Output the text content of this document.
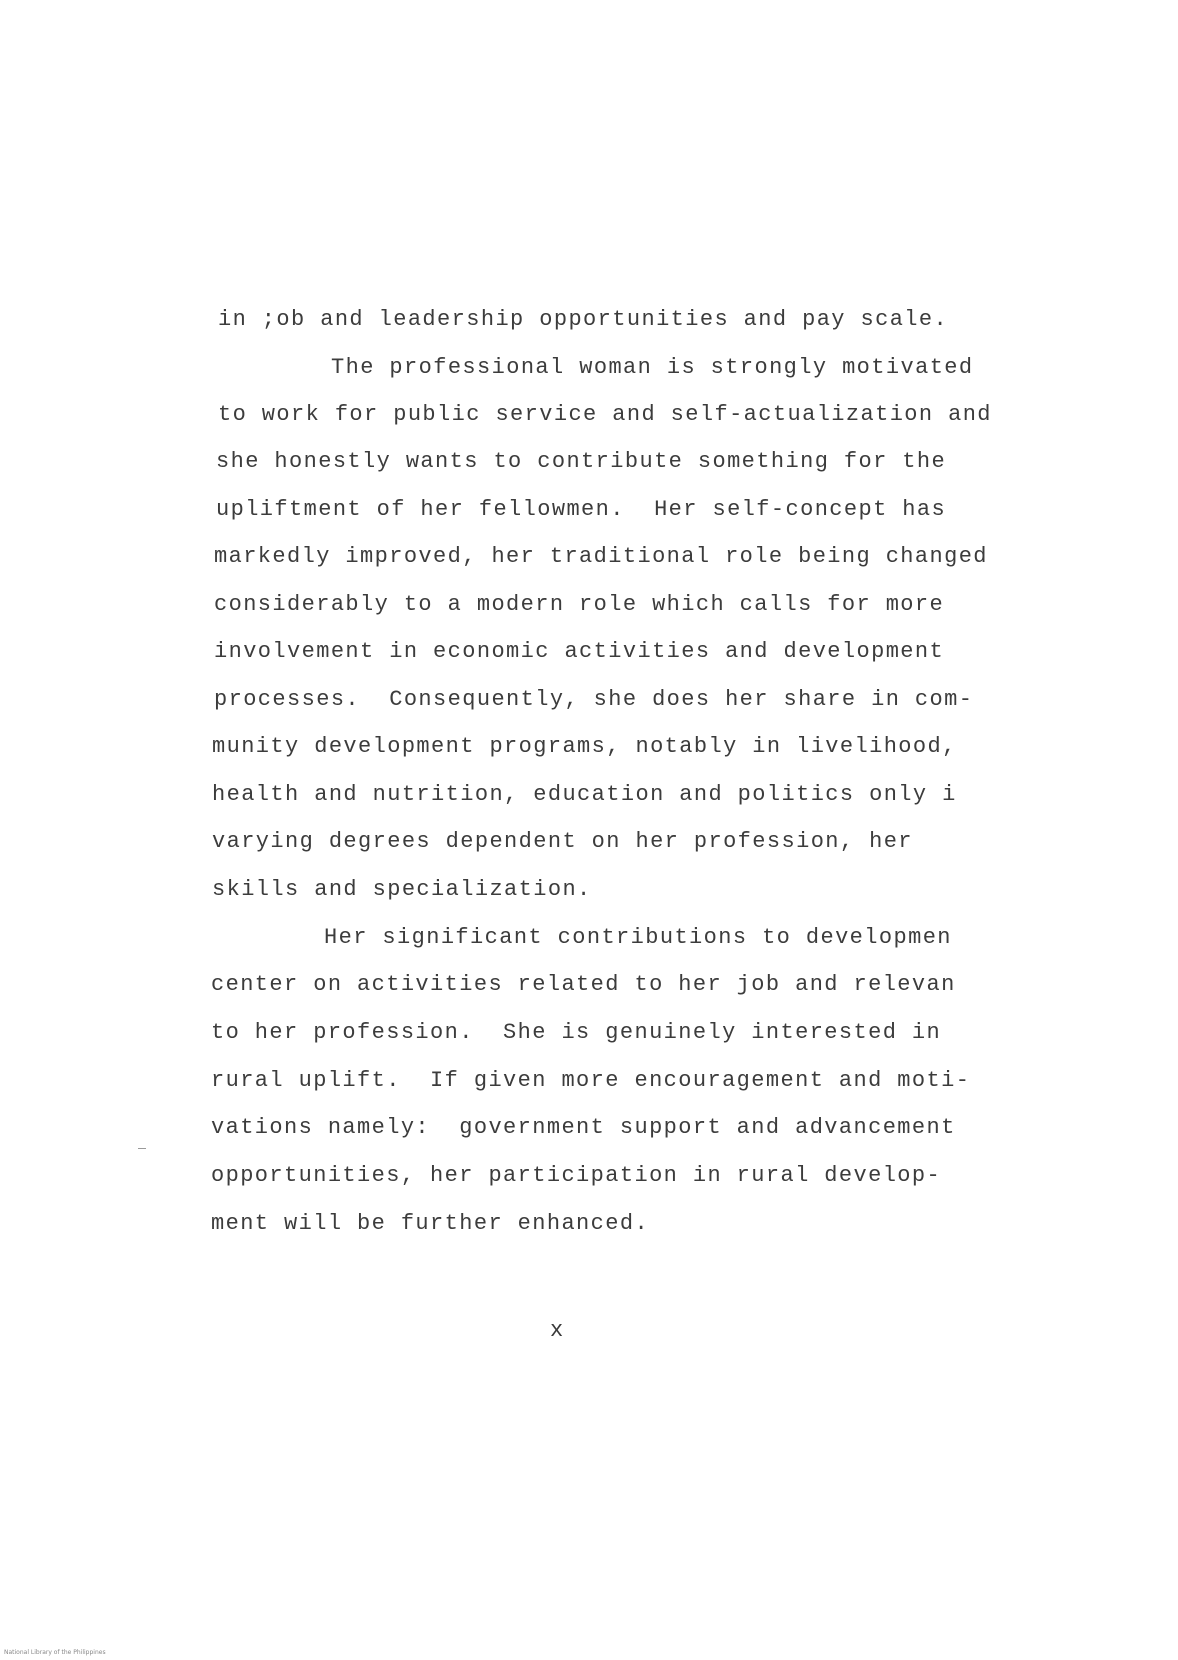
in ;ob and leadership opportunities and pay scale.
The professional woman is strongly motivated
to work for public service and self-actualization and
she honestly wants to contribute something for the
upliftment of her fellowmen.  Her self-concept has
markedly improved, her traditional role being changed
considerably to a modern role which calls for more
involvement in economic activities and development
processes.  Consequently, she does her share in com-
munity development programs, notably in livelihood,
health and nutrition, education and politics only i
varying degrees dependent on her profession, her
skills and specialization.
Her significant contributions to developmen
center on activities related to her job and relevan
to her profession.  She is genuinely interested in
rural uplift.  If given more encouragement and moti-
vations namely:  government support and advancement
opportunities, her participation in rural develop-
ment will be further enhanced.
x
National Library of the Philippines
